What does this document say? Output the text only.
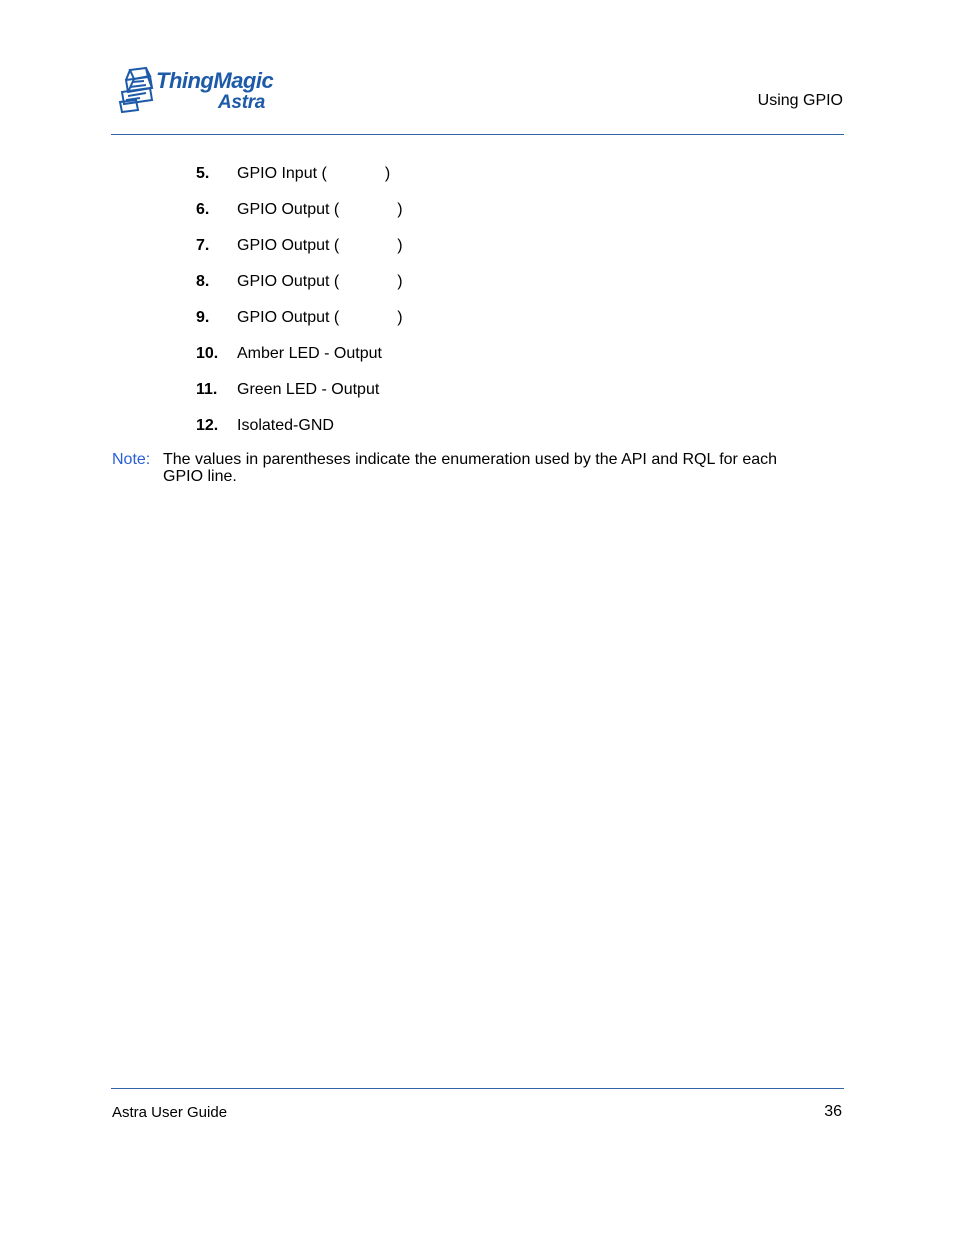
ThingMagic
Astra	Using GPIO
5. GPIO Input (	)
6. GPIO Output (	)
7. GPIO Output (	)
8. GPIO Output (	)
9. GPIO Output (	)
10. Amber LED - Output
11. Green LED - Output
12. Isolated-GND
Note: The values in parentheses indicate the enumeration used by the API and RQL for each
GPIO line.
Astra User Guide	36
